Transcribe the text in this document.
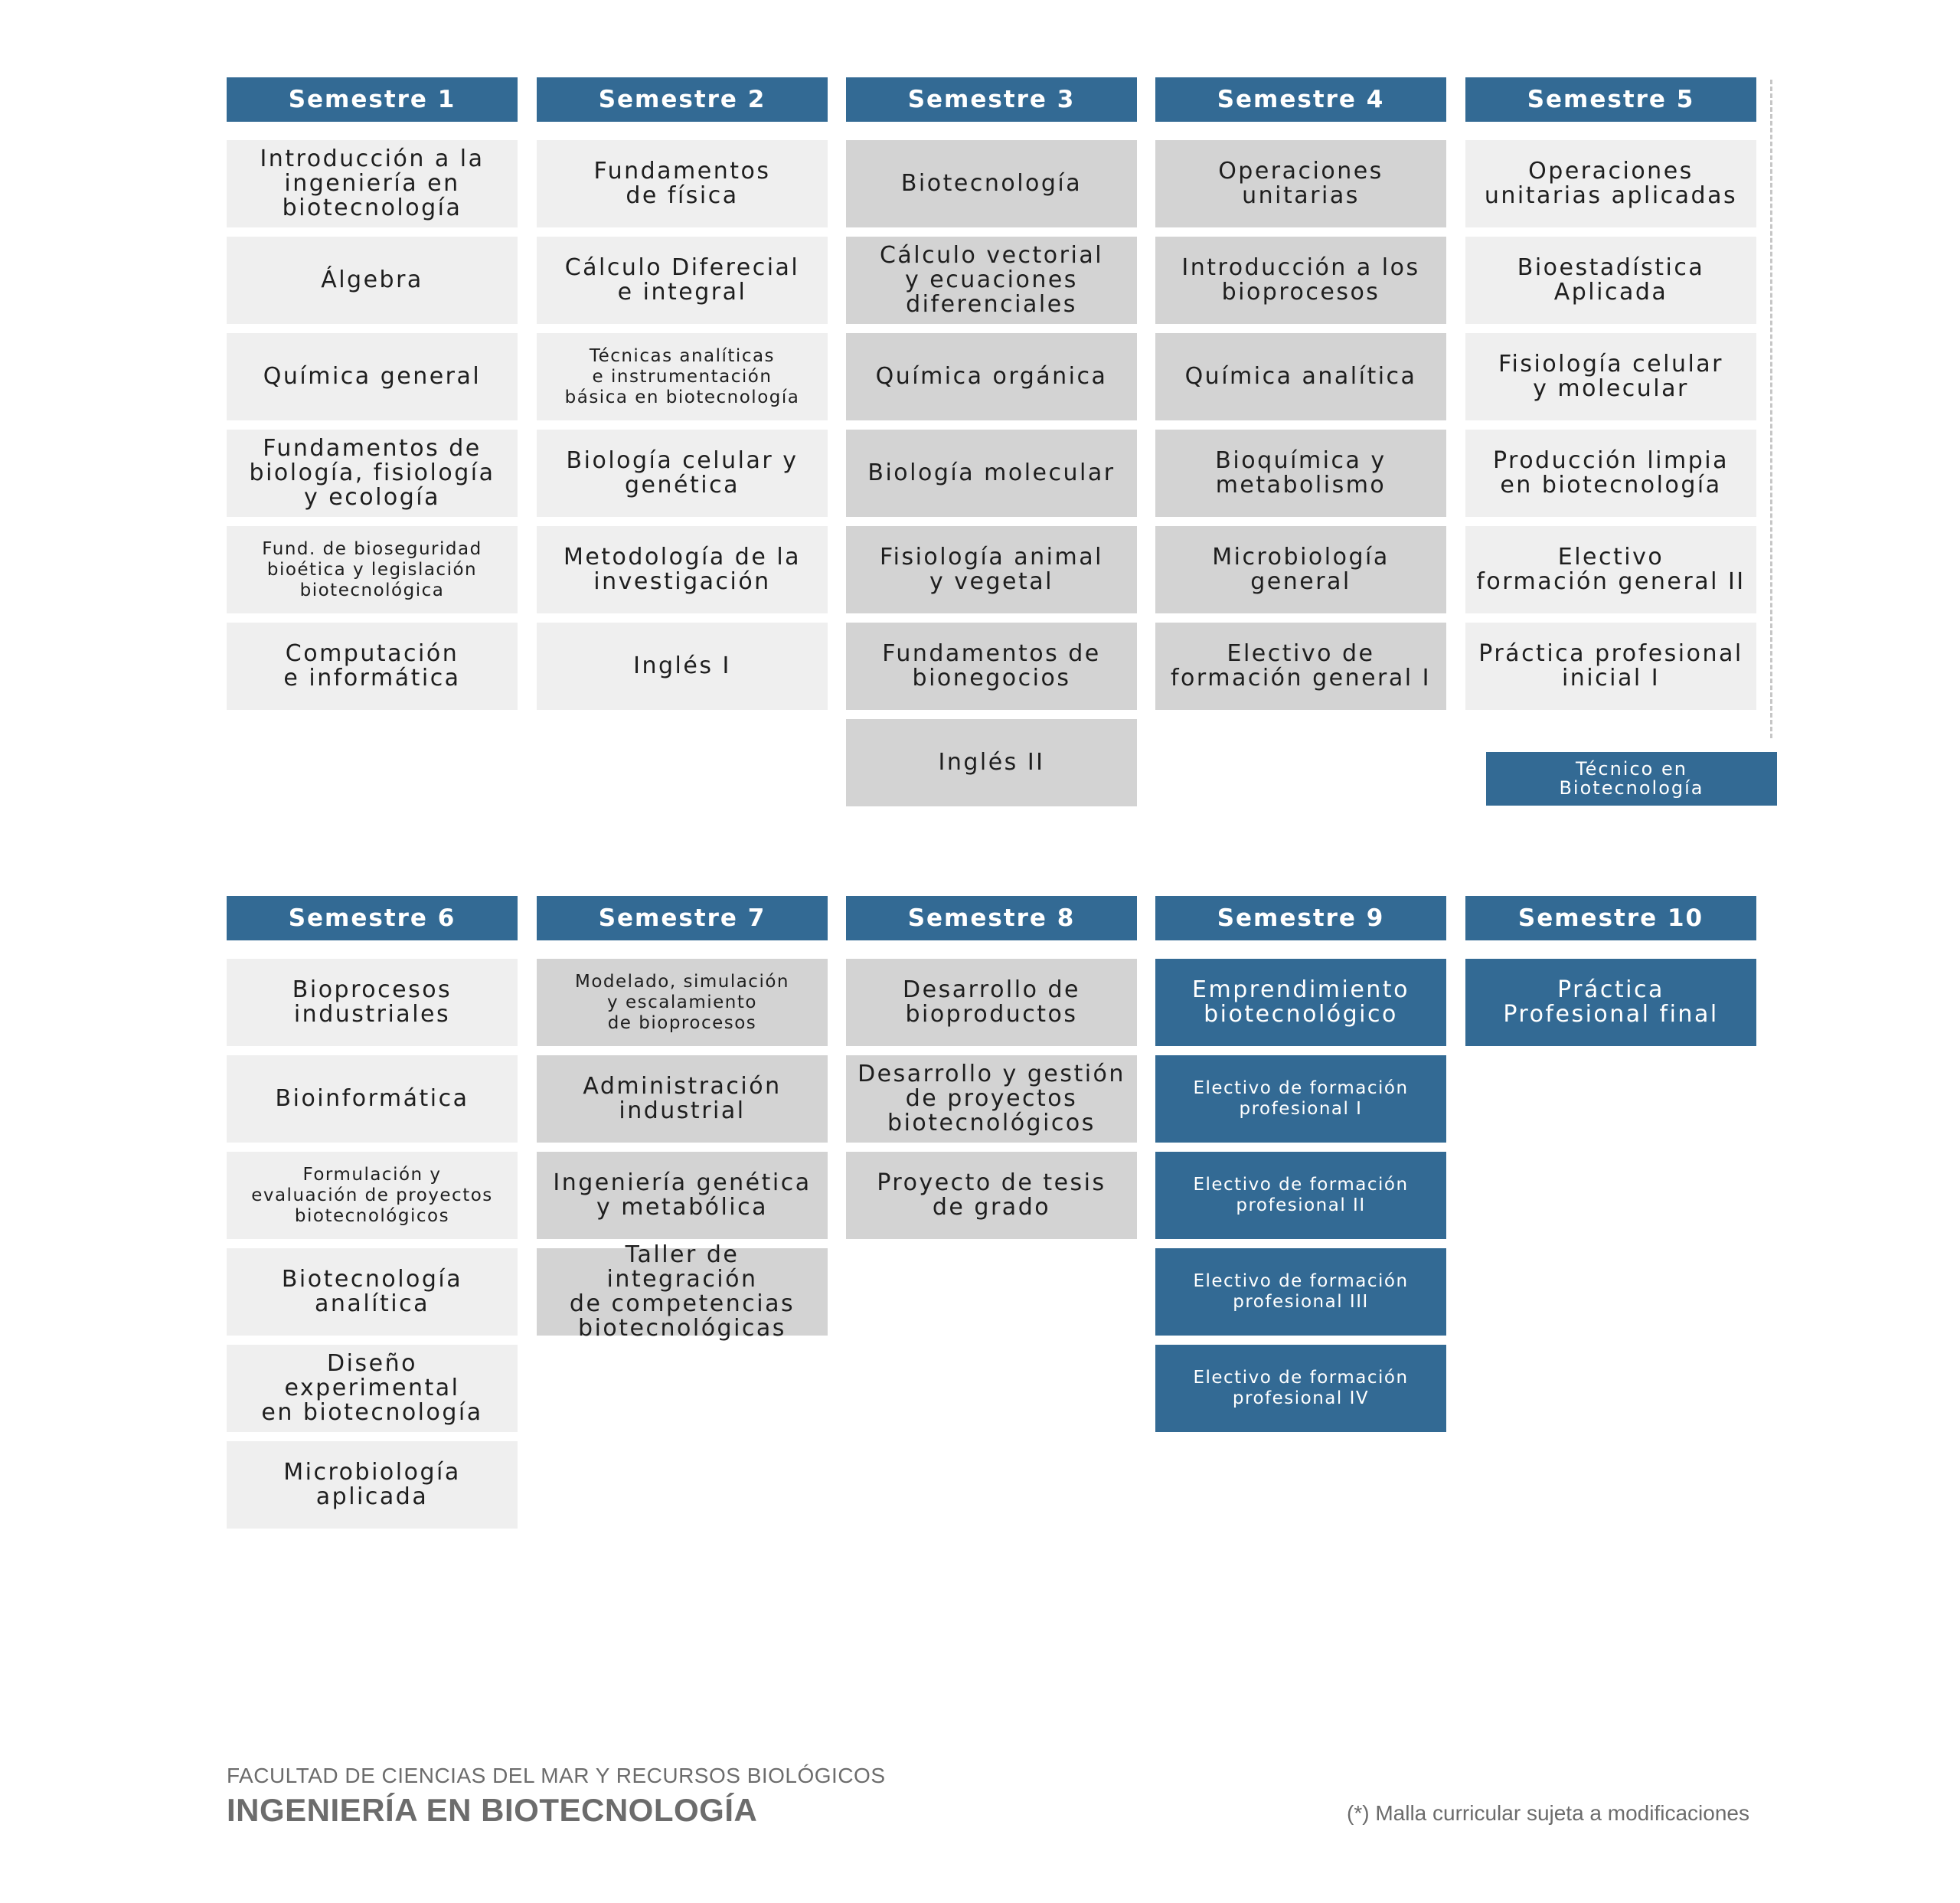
Semestre 1
Introducción a la
ingeniería en
biotecnología
Álgebra
Química general
Fundamentos de
biología, fisiología
y ecología
Fund. de bioseguridad
bioética y legislación
biotecnológica
Computación
e informática
Semestre 2
Fundamentos
de física
Cálculo Diferecial
e integral
Técnicas analíticas
e instrumentación
básica en biotecnología
Biología celular y
genética
Metodología de la
investigación
Inglés I
Semestre 3
Biotecnología
Cálculo vectorial
y ecuaciones
diferenciales
Química orgánica
Biología molecular
Fisiología animal
y vegetal
Fundamentos de
bionegocios
Inglés II
Semestre 4
Operaciones
unitarias
Introducción a los
bioprocesos
Química analítica
Bioquímica y
metabolismo
Microbiología
general
Electivo de
formación general I
Semestre 5
Operaciones
unitarias aplicadas
Bioestadística
Aplicada
Fisiología celular
y molecular
Producción limpia
en biotecnología
Electivo
formación general II
Práctica profesional
inicial I
Semestre 6
Bioprocesos
industriales
Bioinformática
Formulación y
evaluación de proyectos
biotecnológicos
Biotecnología
analítica
Diseño experimental
en biotecnología
Microbiología
aplicada
Semestre 7
Modelado, simulación
y escalamiento
de bioprocesos
Administración
industrial
Ingeniería genética
y metabólica
Taller de integración
de competencias
biotecnológicas
Semestre 8
Desarrollo de
bioproductos
Desarrollo y gestión
de proyectos
biotecnológicos
Proyecto de tesis
de grado
Semestre 9
Emprendimiento
biotecnológico
Electivo de formación
profesional I
Electivo de formación
profesional II
Electivo de formación
profesional III
Electivo de formación
profesional IV
Semestre 10
Práctica
Profesional final
Técnico en
Biotecnología
FACULTAD DE CIENCIAS DEL MAR Y RECURSOS BIOLÓGICOS
INGENIERÍA EN BIOTECNOLOGÍA	(*) Malla curricular sujeta a modificaciones
